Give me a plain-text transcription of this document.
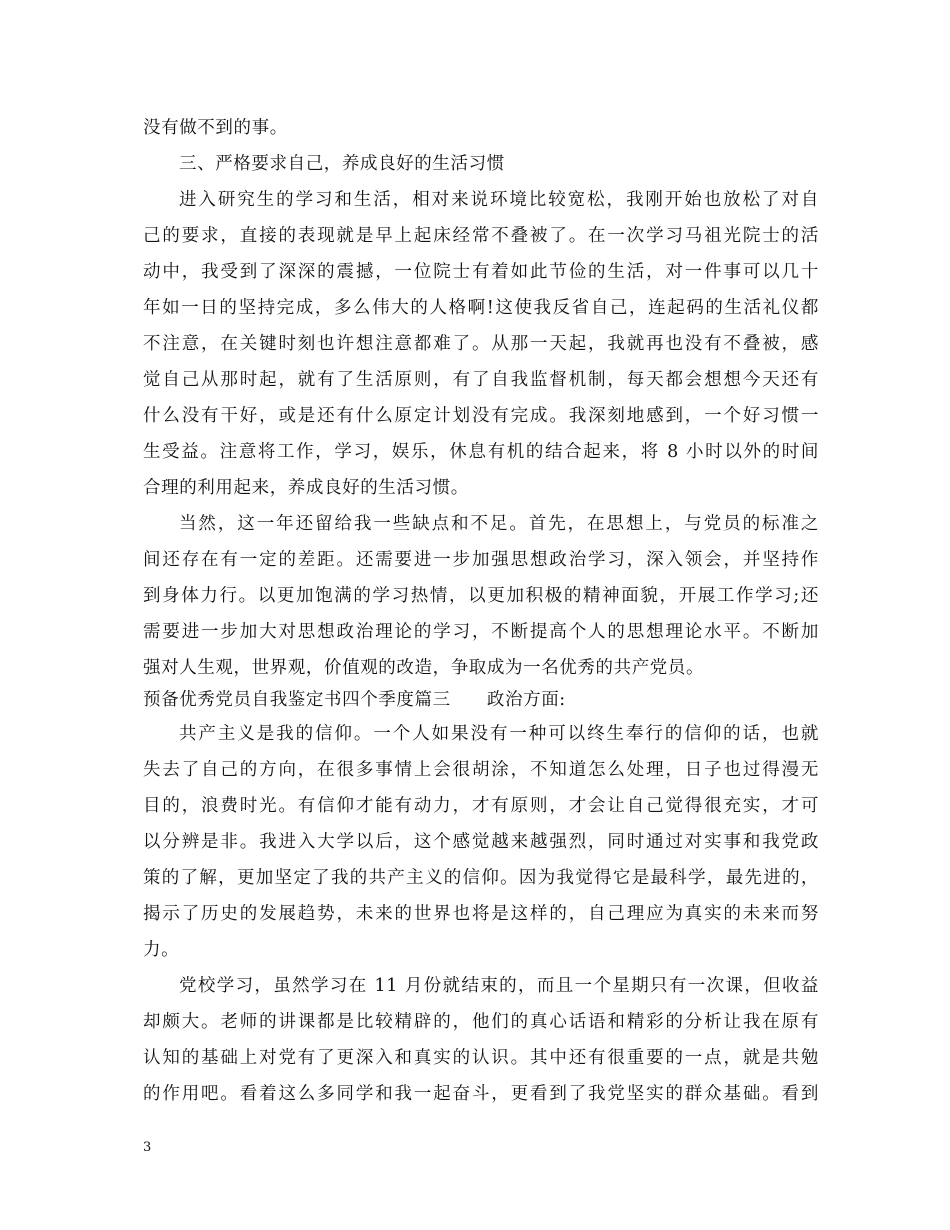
没有做不到的事。
三、严格要求自己，养成良好的生活习惯
进入研究生的学习和生活，相对来说环境比较宽松，我刚开始也放松了对自
己的要求，直接的表现就是早上起床经常不叠被了。在一次学习马祖光院士的活
动中，我受到了深深的震撼，一位院士有着如此节俭的生活，对一件事可以几十
年如一日的坚持完成，多么伟大的人格啊!这使我反省自己，连起码的生活礼仪都
不注意，在关键时刻也许想注意都难了。从那一天起，我就再也没有不叠被，感
觉自己从那时起，就有了生活原则，有了自我监督机制，每天都会想想今天还有
什么没有干好，或是还有什么原定计划没有完成。我深刻地感到，一个好习惯一
生受益。注意将工作，学习，娱乐，休息有机的结合起来，将 8 小时以外的时间
合理的利用起来，养成良好的生活习惯。
当然，这一年还留给我一些缺点和不足。首先，在思想上，与党员的标准之
间还存在有一定的差距。还需要进一步加强思想政治学习，深入领会，并坚持作
到身体力行。以更加饱满的学习热情，以更加积极的精神面貌，开展工作学习;还
需要进一步加大对思想政治理论的学习，不断提高个人的思想理论水平。不断加
强对人生观，世界观，价值观的改造，争取成为一名优秀的共产党员。
预备优秀党员自我鉴定书四个季度篇三　　政治方面:
共产主义是我的信仰。一个人如果没有一种可以终生奉行的信仰的话，也就
失去了自己的方向，在很多事情上会很胡涂，不知道怎么处理，日子也过得漫无
目的，浪费时光。有信仰才能有动力，才有原则，才会让自己觉得很充实，才可
以分辨是非。我进入大学以后，这个感觉越来越强烈，同时通过对实事和我党政
策的了解，更加坚定了我的共产主义的信仰。因为我觉得它是最科学，最先进的，
揭示了历史的发展趋势，未来的世界也将是这样的，自己理应为真实的未来而努
力。
党校学习，虽然学习在 11 月份就结束的，而且一个星期只有一次课，但收益
却颇大。老师的讲课都是比较精辟的，他们的真心话语和精彩的分析让我在原有
认知的基础上对党有了更深入和真实的认识。其中还有很重要的一点，就是共勉
的作用吧。看着这么多同学和我一起奋斗，更看到了我党坚实的群众基础。看到
3
